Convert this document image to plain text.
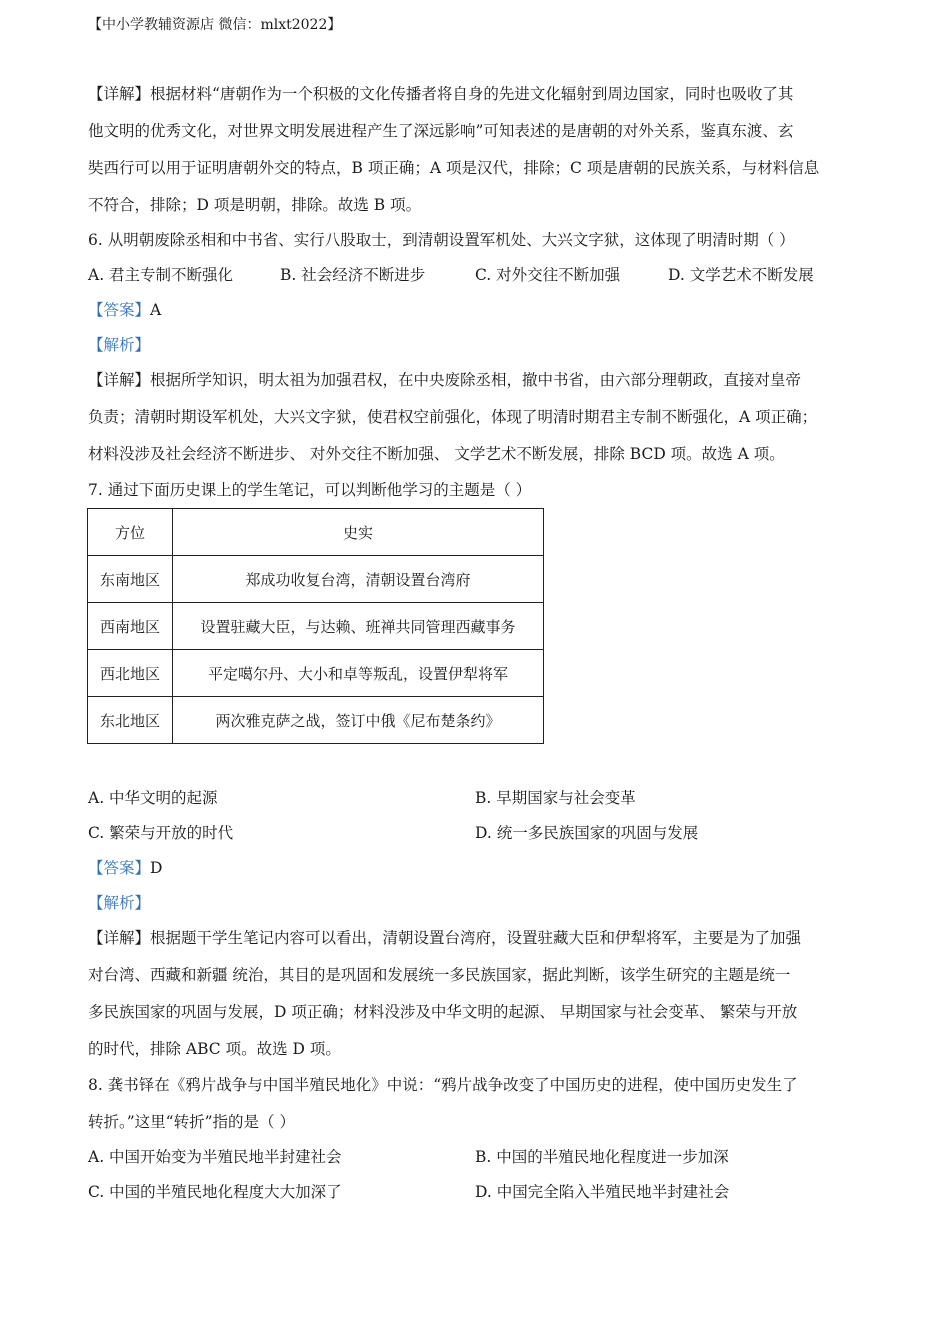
【中小学教辅资源店 微信：mlxt2022】
【详解】根据材料“唐朝作为一个积极的文化传播者将自身的先进文化辐射到周边国家，同时也吸收了其
他文明的优秀文化，对世界文明发展进程产生了深远影响”可知表述的是唐朝的对外关系，鉴真东渡、玄
奘西行可以用于证明唐朝外交的特点，B 项正确；A 项是汉代，排除；C 项是唐朝的民族关系，与材料信息
不符合，排除；D 项是明朝，排除。故选 B 项。
6. 从明朝废除丞相和中书省、实行八股取士，到清朝设置军机处、大兴文字狱，这体现了明清时期（ ）
A. 君主专制不断强化	B. 社会经济不断进步	C. 对外交往不断加强	D. 文学艺术不断发展
【答案】A
【解析】
【详解】根据所学知识，明太祖为加强君权，在中央废除丞相，撤中书省，由六部分理朝政，直接对皇帝
负责；清朝时期设军机处，大兴文字狱，使君权空前强化，体现了明清时期君主专制不断强化，A 项正确；
材料没涉及社会经济不断进步、 对外交往不断加强、 文学艺术不断发展，排除 BCD 项。故选 A 项。
7. 通过下面历史课上的学生笔记，可以判断他学习的主题是（ ）
方位	史实
东南地区	郑成功收复台湾，清朝设置台湾府
西南地区	设置驻藏大臣，与达赖、班禅共同管理西藏事务
西北地区	平定噶尔丹、大小和卓等叛乱，设置伊犁将军
东北地区	两次雅克萨之战，签订中俄《尼布楚条约》
A. 中华文明的起源	B. 早期国家与社会变革
C. 繁荣与开放的时代	D. 统一多民族国家的巩固与发展
【答案】D
【解析】
【详解】根据题干学生笔记内容可以看出，清朝设置台湾府，设置驻藏大臣和伊犁将军，主要是为了加强
对台湾、西藏和新疆 统治，其目的是巩固和发展统一多民族国家，据此判断，该学生研究的主题是统一
多民族国家的巩固与发展，D 项正确；材料没涉及中华文明的起源、 早期国家与社会变革、 繁荣与开放
的时代，排除 ABC 项。故选 D 项。
8. 龚书铎在《鸦片战争与中国半殖民地化》中说：“鸦片战争改变了中国历史的进程，使中国历史发生了
转折。”这里“转折”指的是（ ）
A. 中国开始变为半殖民地半封建社会	B. 中国的半殖民地化程度进一步加深
C. 中国的半殖民地化程度大大加深了	D. 中国完全陷入半殖民地半封建社会
